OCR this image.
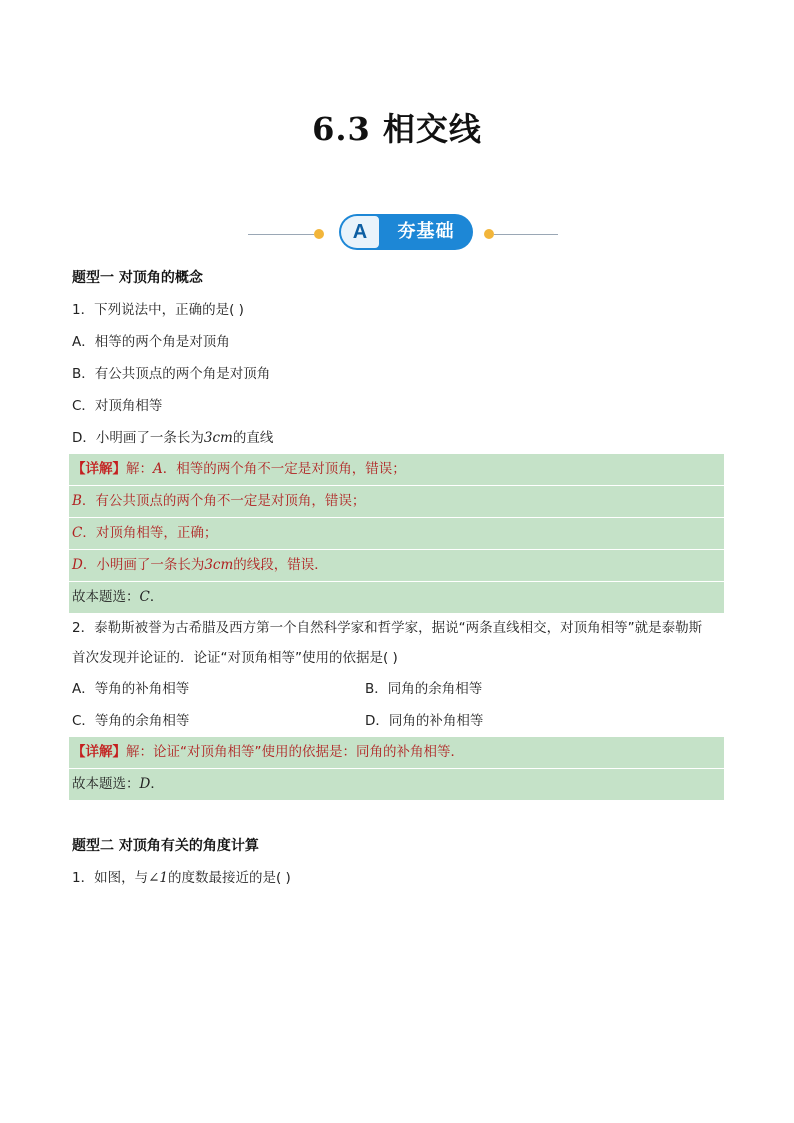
6.3 相交线
A	夯基础
题型一 对顶角的概念
1．下列说法中，正确的是( )
A．相等的两个角是对顶角
B．有公共顶点的两个角是对顶角
C．对顶角相等
D．小明画了一条长为3cm的直线
【详解】解：A．相等的两个角不一定是对顶角，错误；
B．有公共顶点的两个角不一定是对顶角，错误；
C．对顶角相等，正确；
D．小明画了一条长为3cm的线段，错误．
故本题选：C．
2．泰勒斯被誉为古希腊及西方第一个自然科学家和哲学家，据说“两条直线相交，对顶角相等”就是泰勒斯
首次发现并论证的．论证“对顶角相等”使用的依据是( )
A．等角的补角相等	B．同角的余角相等
C．等角的余角相等	D．同角的补角相等
【详解】解：论证“对顶角相等”使用的依据是：同角的补角相等．
故本题选：D．
题型二 对顶角有关的角度计算
1．如图，与∠1的度数最接近的是( )
